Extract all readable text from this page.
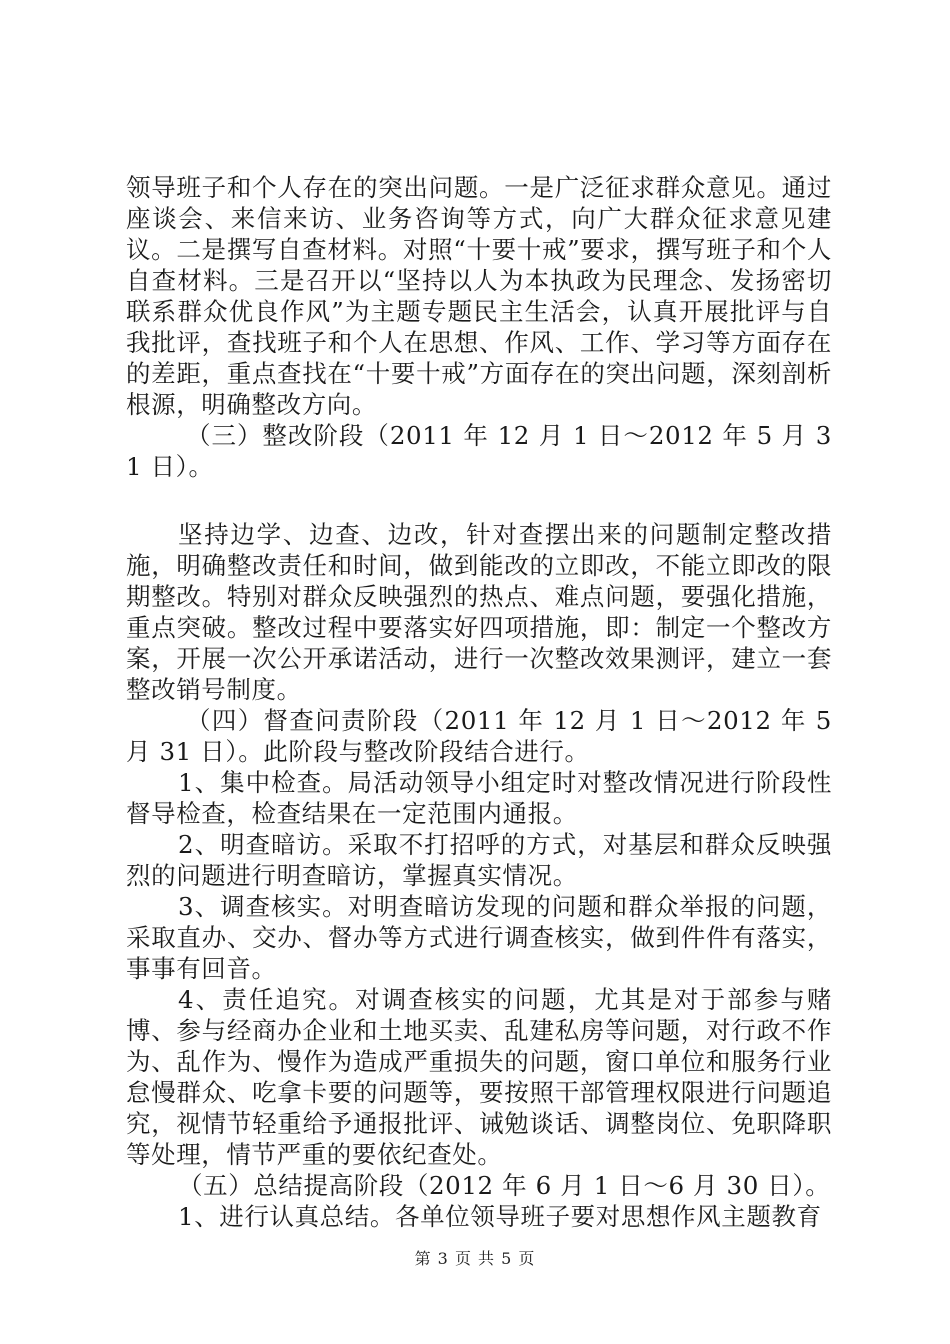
领导班子和个人存在的突出问题。一是广泛征求群众意见。通过座谈会、来信来访、业务咨询等方式，向广大群众征求意见建议。二是撰写自查材料。对照“十要十戒”要求，撰写班子和个人自查材料。三是召开以“坚持以人为本执政为民理念、发扬密切联系群众优良作风”为主题专题民主生活会，认真开展批评与自我批评，查找班子和个人在思想、作风、工作、学习等方面存在的差距，重点查找在“十要十戒”方面存在的突出问题，深刻剖析根源，明确整改方向。

（三）整改阶段（2011 年 12 月 1 日～2012 年 5 月 31 日）。

坚持边学、边查、边改，针对查摆出来的问题制定整改措施，明确整改责任和时间，做到能改的立即改，不能立即改的限期整改。特别对群众反映强烈的热点、难点问题，要强化措施，重点突破。整改过程中要落实好四项措施，即：制定一个整改方案，开展一次公开承诺活动，进行一次整改效果测评，建立一套整改销号制度。

（四）督查问责阶段（2011 年 12 月 1 日～2012 年 5 月 31 日）。此阶段与整改阶段结合进行。

1、集中检查。局活动领导小组定时对整改情况进行阶段性督导检查，检查结果在一定范围内通报。

2、明查暗访。采取不打招呼的方式，对基层和群众反映强烈的问题进行明查暗访，掌握真实情况。

3、调查核实。对明查暗访发现的问题和群众举报的问题，采取直办、交办、督办等方式进行调查核实，做到件件有落实，事事有回音。

4、责任追究。对调查核实的问题，尤其是对于部参与赌博、参与经商办企业和土地买卖、乱建私房等问题，对行政不作为、乱作为、慢作为造成严重损失的问题，窗口单位和服务行业怠慢群众、吃拿卡要的问题等，要按照干部管理权限进行问题追究，视情节轻重给予通报批评、诫勉谈话、调整岗位、免职降职等处理，情节严重的要依纪查处。

（五）总结提高阶段（2012 年 6 月 1 日～6 月 30 日）。

1、进行认真总结。各单位领导班子要对思想作风主题教育

第 3 页 共 5 页
